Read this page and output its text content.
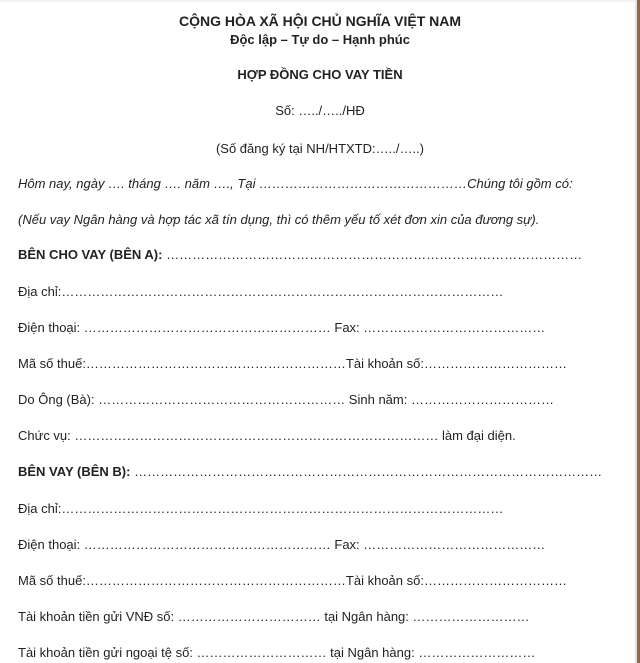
CỘNG HÒA XÃ HỘI CHỦ NGHĨA VIỆT NAM
Độc lập – Tự do – Hạnh phúc
HỢP ĐỒNG CHO VAY TIỀN
Số: …../…../HĐ
(Số đăng ký tại NH/HTXTD:…../…..)
Hôm nay, ngày …. tháng …. năm …., Tại …………………………………………Chúng tôi gồm có:
(Nếu vay Ngân hàng và hợp tác xã tín dụng, thì có thêm yếu tố xét đơn xin của đương sự).
BÊN CHO VAY (BÊN A): ……………………………………………………………………………………
Địa chỉ:…………………………………………………………………………………………
Điện thoại: ………………………………………………… Fax: ……………………………………
Mã số thuế:……………………………………………………Tài khoản số:……………………………
Do Ông (Bà): ………………………………………………… Sinh năm: ……………………………
Chức vụ: ………………………………………………………………………… làm đại diện.
BÊN VAY (BÊN B): ………………………………………………………………………………………………
Địa chỉ:…………………………………………………………………………………………
Điện thoại: ………………………………………………… Fax: ……………………………………
Mã số thuế:……………………………………………………Tài khoản số:……………………………
Tài khoản tiền gửi VNĐ số: …………………………… tại Ngân hàng: ………………………
Tài khoản tiền gửi ngoại tệ số: ………………………… tại Ngân hàng: ………………………
